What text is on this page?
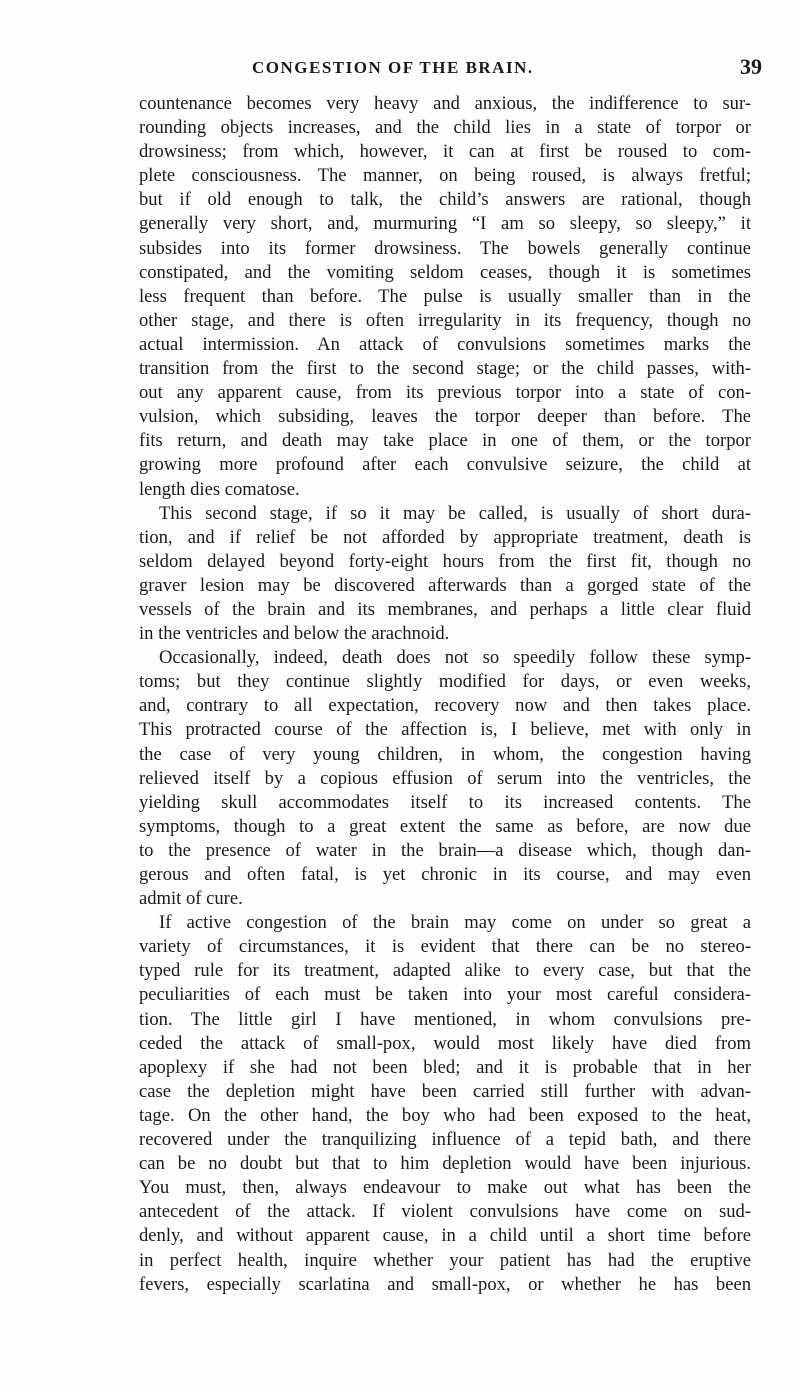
CONGESTION OF THE BRAIN.	39
countenance becomes very heavy and anxious, the indifference to sur-
rounding objects increases, and the child lies in a state of torpor or
drowsiness; from which, however, it can at first be roused to com-
plete consciousness. The manner, on being roused, is always fretful;
but if old enough to talk, the child’s answers are rational, though
generally very short, and, murmuring “I am so sleepy, so sleepy,” it
subsides into its former drowsiness. The bowels generally continue
constipated, and the vomiting seldom ceases, though it is sometimes
less frequent than before. The pulse is usually smaller than in the
other stage, and there is often irregularity in its frequency, though no
actual intermission. An attack of convulsions sometimes marks the
transition from the first to the second stage; or the child passes, with-
out any apparent cause, from its previous torpor into a state of con-
vulsion, which subsiding, leaves the torpor deeper than before. The
fits return, and death may take place in one of them, or the torpor
growing more profound after each convulsive seizure, the child at
length dies comatose.
This second stage, if so it may be called, is usually of short dura-
tion, and if relief be not afforded by appropriate treatment, death is
seldom delayed beyond forty-eight hours from the first fit, though no
graver lesion may be discovered afterwards than a gorged state of the
vessels of the brain and its membranes, and perhaps a little clear fluid
in the ventricles and below the arachnoid.
Occasionally, indeed, death does not so speedily follow these symp-
toms; but they continue slightly modified for days, or even weeks,
and, contrary to all expectation, recovery now and then takes place.
This protracted course of the affection is, I believe, met with only in
the case of very young children, in whom, the congestion having
relieved itself by a copious effusion of serum into the ventricles, the
yielding skull accommodates itself to its increased contents. The
symptoms, though to a great extent the same as before, are now due
to the presence of water in the brain—a disease which, though dan-
gerous and often fatal, is yet chronic in its course, and may even
admit of cure.
If active congestion of the brain may come on under so great a
variety of circumstances, it is evident that there can be no stereo-
typed rule for its treatment, adapted alike to every case, but that the
peculiarities of each must be taken into your most careful considera-
tion. The little girl I have mentioned, in whom convulsions pre-
ceded the attack of small-pox, would most likely have died from
apoplexy if she had not been bled; and it is probable that in her
case the depletion might have been carried still further with advan-
tage. On the other hand, the boy who had been exposed to the heat,
recovered under the tranquilizing influence of a tepid bath, and there
can be no doubt but that to him depletion would have been injurious.
You must, then, always endeavour to make out what has been the
antecedent of the attack. If violent convulsions have come on sud-
denly, and without apparent cause, in a child until a short time before
in perfect health, inquire whether your patient has had the eruptive
fevers, especially scarlatina and small-pox, or whether he has been
